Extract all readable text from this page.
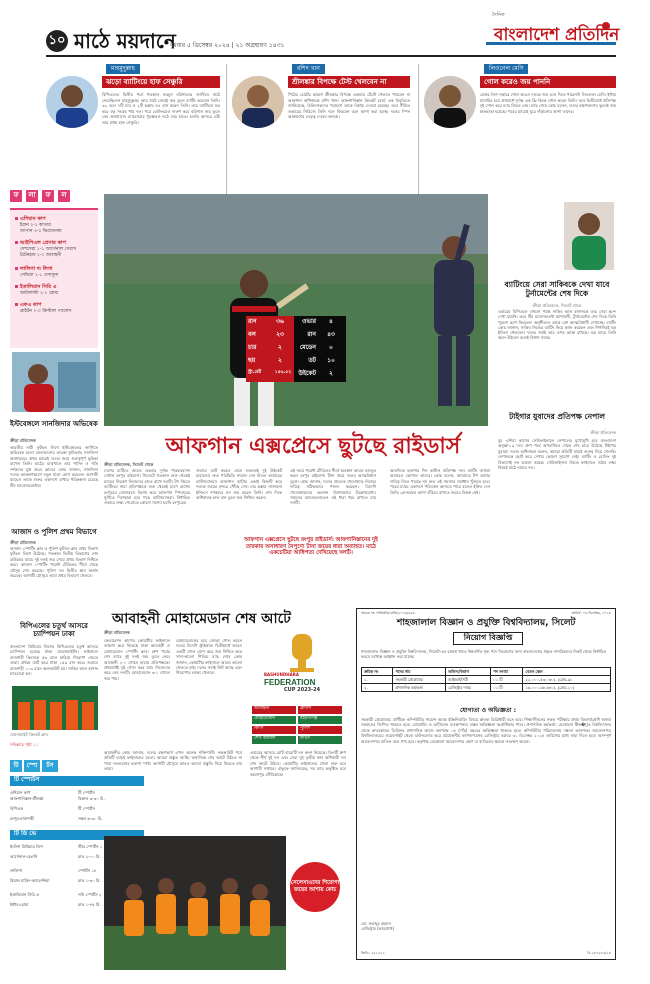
১০ মাঠে ময়দানে
বুধবার ৫ ডিসেম্বর ২০২৪ | ২১ অগ্রহায়ণ ১৪৩১
দৈনিক
বাংলাদেশ প্রতিদিন
মাহমুদুল্লাহ
ঝড়ো ব্যাটিংয়ে হাফ সেঞ্চুরি
বিপিএলের দ্বিতীয় পর্বে গতকাল ফরচুন বরিশালের জার্সিতে মাঠে নেমেছিলেন মাহমুদুল্লাহ। আর মাঠে নেমেই ঝড় তুলে ব্যাটিং করলেন তিনি। ৩২ বলে ৭টি চার ও ২টি ছক্কায় ৫৪ রান করেন তিনি। তার ব্যাটিংয়ে ভর করে বড় সংগ্রহ পায় দল। পরে বোলিংয়েও দারুণ করে বরিশাল জয় তুলে নেয় অনায়াসে। ম্যাচসেরার পুরস্কারও ওঠে তার হাতে। চলতি আসরে এটা তার প্রথম হাফ সেঞ্চুরি।
রশিদ খান
শ্রীলঙ্কার বিপক্ষে টেস্ট খেলবেন না
পিঠের চোটের কারণে শ্রীলঙ্কার বিপক্ষে একমাত্র টেস্টে খেলতে পারবেন না আফগান অধিনায়ক রশিদ খান। আফগানিস্তান ক্রিকেট বোর্ড এক বিবৃতিতে জানিয়েছে, চিকিৎসকদের পরামর্শে তাকে বিশ্রাম দেওয়া হয়েছে। তবে সীমিত ওভারের সিরিজে তিনি দলে ফিরবেন বলে আশা করা হচ্ছে। দলের স্পিন আক্রমণের নেতৃত্ব দেবেন অন্যরা।
লিওনেল মেসি
গোল করেও জয় পাননি
মেজর লিগ সকারে গোল করেও দলকে জয় এনে দিতে পারেননি লিওনেল মেসি। ইন্টার মায়ামির হয়ে প্রথমার্ধে দুর্দান্ত এক ফ্রি কিকে গোল করেন তিনি। তবে দ্বিতীয়ার্ধে প্রতিপক্ষ দুই গোল করে ম্যাচ জিতে নেয়। ম্যাচ শেষে কোচ বলেন, দলের রক্ষণভাগের ভুলেই জয় হাতছাড়া হয়েছে। পরের ম্যাচেই ঘুরে দাঁড়ানোর আশা তাদের।
ফ	লা	ফ	ল
এশিয়ান কাপ
ইরান ২-১ কাতার
জাপান ৩-০ ভিয়েতনাম
আইপিএল প্রেসার কাপ
দেশসেরা ১-১ আর্সেনাল সেরাস
টটেনহাম ২-২ আবাহনী
লালিগা দ্য লিগা
সেভিয়া ২-১ ওসাসুনা
ইতালিয়ান সিরি এ
আটালান্টা ২-১ রোমা
এফএ কাপ
ব্রাইটন ২-০ ক্রিস্টাল প্যালেস
ইস্টবেঙ্গলে সানজিদার অভিষেক
ক্রীড়া প্রতিবেদক
ভারতীয় নারী ফুটবল লিগে ইস্টবেঙ্গলের জার্সিতে অভিষেক হলো বাংলাদেশের তারকা ফুটবলার সানজিদা আক্তারের। প্রথম ম্যাচেই দলের জয়ে গুরুত্বপূর্ণ ভূমিকা রাখেন তিনি। মাঠের মাঝখানে তার পাসিং ও গতি দর্শকদের মুগ্ধ করে। ক্লাবের কোচ জানান, সানজিদা দলের আক্রমণভাগে নতুন মাত্রা যোগ করবেন। আগামী ম্যাচেও তাকে শুরুর একাদশে রাখার পরিকল্পনা রয়েছে টিম ম্যানেজমেন্টের।
আজাদ ও পুলিশ প্রথম বিভাগে
আজাদ স্পোর্টিং ক্লাব ও পুলিশ ফুটবল ক্লাব প্রথম বিভাগ ফুটবল লিগে উঠেছে। গতকাল দ্বিতীয় বিভাগের শেষ রাউন্ডের ম্যাচে দুই দলই জয় পেয়ে প্রথম বিভাগ নিশ্চিত করে। আজাদ স্পোর্টিং পয়েন্ট টেবিলের শীর্ষে থেকে মৌসুম শেষ করেছে। পুলিশ দল দ্বিতীয় স্থান অর্জন করেছে। আগামী মৌসুমে তারা প্রথম বিভাগে খেলবে।
ক্রীড়া প্রতিবেদক
বিপিএলের চতুর্থ আসরে চ্যাম্পিয়ন ঢাকা
বাংলাদেশ প্রিমিয়ার লিগের বিপিএলের চতুর্থ আসরে চ্যাম্পিয়ন হয়েছে ঢাকা ডায়নামাইটস। ফাইনালে রাজশাহী কিংসকে ৫৬ রানে হারিয়ে শিরোপা জেতে তারা। প্রথমে ব্যাট করে ঢাকা ১৫৯ রান করে। জবাবে রাজশাহী ১০৩ রানে অলআউট হয়। সাকিব আল হাসান ম্যাচসেরা হন।
ডায়নামাইট ক্রিকেট ক্লাব
সবিস্তারে পৃষ্ঠা ১১
টি	স্পো	র্টস
টি স্পোর্টস
এশিয়ান কাপ	টি স্পোর্টস
আফগানিস্তান-শ্রীলঙ্কা	বিকাল ৩-৩০ মি.
বিপিএল	টি স্পোর্টস
রংপুর-রাজশাহী	সন্ধ্যা ৬-৩০ মি.
টি ডি ভে
ইংলিশ প্রিমিয়ার লিগ	স্টার স্পোর্টস ১
আর্সেনাল-চেলসি	রাত ২-০০ মি.
লালিগা	স্পোর্টস ১৮
রিয়াল মাদ্রিদ-ভ্যালেন্সিয়া	রাত ১-৩০ মি.
ইতালিয়ান সিরি এ	সনি স্পোর্টস ২
ইন্টার-রোমা	রাত ১-৪৫ মি.
রান	৩৬	ওভার	৪
বল	২৩	রান	৪৩
চার	২	মেডেন	০
ছয়	২	ডট	১০
স্ট্রা.রেট	১৫৬.৫২	উইকেট	২
ব্যাটিংয়ে সেরা সাকিবকে দেখা যাবে টুর্নামেন্টের শেষ দিকে
ক্রীড়া প্রতিবেদক, সিলেট থেকে
এবারের বিপিএলে এখনো পর্যন্ত সাকিব আল হাসানকে তার সেরা ছন্দে দেখা যায়নি। তবে টিম ম্যানেজমেন্ট আশাবাদী, টুর্নামেন্টের শেষ দিকে তিনি পুরনো রূপে ফিরবেন। অনুশীলনে তাকে বেশ আত্মবিশ্বাসী দেখাচ্ছে। ব্যাটিং কোচ জানান, সাকিব নিজের ব্যাটিং নিয়ে কাজ করছেন এবং শিগগিরই বড় ইনিংস খেলবেন। দলের সবাই তার ওপর আস্থা রাখছে। বড় ম্যাচে তিনি জ্বলে উঠবেন বলেই বিশ্বাস সবার।
টাইগার যুবাদের প্রতিপক্ষ নেপাল
ক্রীড়া প্রতিবেদক
যুব এশিয়া কাপের সেমিফাইনালে নেপালের মুখোমুখি হবে বাংলাদেশ অনূর্ধ্ব-১৯ দল। গ্রুপ পর্বে অপরাজিত থেকে শেষ চারে উঠেছে টাইগার যুবারা। দলের অধিনায়ক বলেন, আমরা প্রতিটি ম্যাচই গুরুত্ব দিয়ে খেলছি। নেপালকে ছোট করে দেখার কোনো সুযোগ নেই। ব্যাটিং ও বোলিং দুই বিভাগেই দল ভালো করছে। সেমিফাইনাল জিতে ফাইনালে ওঠার লক্ষ্য নিয়েই মাঠে নামবে দল।
আফগান এক্সপ্রেসে ছুটছে রাইডার্স
ক্রীড়া প্রতিবেদক, সিলেট থেকে
দেশের মাটিতে আরও একবার দুর্দান্ত পারফরম্যান্স দেখাল রংপুর রাইডার্স। সিলেটে গতকাল শুরু থেকেই ম্যাচের নিয়ন্ত্রণ নিজেদের হাতে রাখে দলটি। টস জিতে ব্যাটিংয়ে নামা প্রতিপক্ষকে শুরু থেকেই চাপে রাখেন রংপুরের বোলাররা। বিশেষ করে আফগান স্পিনারের ঘূর্ণিতে দিশেহারা হয়ে পড়ে ব্যাটসম্যানরা। নির্ধারিত ওভারে লক্ষ্য পেরোতে কোনো সমস্যা হয়নি রংপুরের।
জবাবে ব্যাট করতে নেমে শুরুতেই দুই উইকেট হারালেও দ্রুত পরিস্থিতি সামাল দেন মিডল অর্ডারের ব্যাটসম্যানরা। আফগান ব্যাটার একাই ফিফটি করে দলকে জয়ের বন্দরে পৌঁছে দেন। চার ছক্কায় সাজানো ইনিংসে দর্শকদের মন জয় করেন তিনি। শেষ দিকে অধিনায়ক দ্রুত রান তুলে জয় নিশ্চিত করেন।
আফগান এক্সপ্রেসে ছুটছে রংপুর রাইডার্স। আফগানিস্তানের দুই তারকার অসাধারণ নৈপুণ্যে টানা জয়ের ধারা অব্যাহত। মাঠে একচেটিয়া আধিপত্য দেখিয়েছে দলটি।
এই জয়ে পয়েন্ট টেবিলের শীর্ষে অবস্থান আরও মজবুত করল রংপুর রাইডার্স। টানা জয়ে দলের আত্মবিশ্বাস তুঙ্গে। কোচ জানান, দলের প্রত্যেক খেলোয়াড় নিজের দায়িত্ব সঠিকভাবে পালন করছেন। বিদেশি খেলোয়াড়দের অবদান বিশেষভাবে উল্লেখযোগ্য। সামনের ম্যাচগুলোতেও এই ধারা ধরে রাখতে চায় দলটি।
অন্যদিকে হতাশার দিন কাটাল প্রতিপক্ষ দল। ব্যাটিং ব্যর্থতা আবারও ভোগাল তাদের। কোচ বলেন, আমাদের টপ অর্ডার দায়িত্ব নিতে পারছে না। দ্রুত এই সমস্যার সমাধান খুঁজতে হবে। পরের ম্যাচে একাদশে পরিবর্তন আসতে পারে বলেও ইঙ্গিত দেন তিনি। প্লে-অফের আশা বাঁচিয়ে রাখতে জয়ের বিকল্প নেই।
আবাহনী মোহামেডান শেষ আটে
ক্রীড়া প্রতিবেদক
ফেডারেশন কাপের কোয়ার্টার ফাইনালে জায়গা করে নিয়েছে ঢাকা আবাহনী ও মোহামেডান স্পোর্টিং ক্লাব। গ্রুপ পর্বের শেষ ম্যাচে দুই দলই জয় তুলে নেয়। আবাহনী ২-০ গোলে হারায় প্রতিপক্ষকে। প্রথমার্ধেই দুই গোল করে ম্যাচ নিজেদের করে নেয় দলটি। মোহামেডান ৩-১ গোলে জয় পায়।
মোহামেডানের হয়ে জোড়া গোল করেন দলের বিদেশি স্ট্রাইকার। দ্বিতীয়ার্ধে আরও একটি গোল যোগ করে জয় নিশ্চিত করে সাদা-কালো শিবির। ম্যাচ শেষে কোচ জানান, কোয়ার্টার ফাইনালে আরও ভালো খেলতে চাই। দলের সবাই ফিট আছে এবং শিরোপার লক্ষ্যে খেলবে।	BASHUNDHARA
FEDERATION
CUP 2023-24
আবাহনী	ব্রাদার্স
মোহামেডান	রহমতগঞ্জ
কিংস	পুলিশ
শেখ জামাল	ফর্টিস
এবারের আসরে মোট বারোটি দল অংশ নিয়েছে। তিনটি গ্রুপ থেকে শীর্ষ দুই দল এবং সেরা দুই তৃতীয় স্থান অধিকারী দল শেষ আটে উঠবে। কোয়ার্টার ফাইনালের খেলা শুরু হবে আগামী সপ্তাহে। বাফুফে জানিয়েছে, সব ম্যাচ অনুষ্ঠিত হবে কমলাপুর স্টেডিয়ামে।
আবাহনীর কোচ জানান, দলের রক্ষণভাগ এখন অনেক শক্তিশালী। নকআউট পর্বে প্রতিটি ম্যাচই ফাইনালের মতো। আমরা প্রস্তুত আছি। অন্যদিকে শেষ আটে উঠতে না পারা দলগুলোর হতাশা স্পষ্ট। আগামী মৌসুমে আরও ভালো প্রস্তুতি নিয়ে ফিরতে চায় তারা।
সেলেসাওদের শিরোপা জয়ের আশায় কোচ
স্মারক নং- শাবিপ্রবি/রেজি/২০২৪/৬৮৮	তারিখ: ০৪ ডিসেম্বর, ২০২৪
শাহজালাল বিজ্ঞান ও প্রযুক্তি বিশ্ববিদ্যালয়, সিলেট
নিয়োগ বিজ্ঞপ্তি
শাহজালাল বিজ্ঞান ও প্রযুক্তি বিশ্ববিদ্যালয়, সিলেট-এর রাজস্ব খাতে নিম্নবর্ণিত শূন্য পদে নিয়োগের জন্য বাংলাদেশের প্রকৃত নাগরিকদের নিকট থেকে নির্ধারিত ফরমে দরখাস্ত আহ্বান করা যাচ্ছে।
ক্রমিক নং	পদের নাম	অফিস/বিভাগ	পদ সংখ্যা	বেতন স্কেল
১.	সহকারী প্রোগ্রামার	আইআইসিটি	০১ টি	২২,০০০-৫৩,০৬০/- (গ্রেড-৯)
২.	প্রশাসনিক কর্মকর্তা	রেজিস্ট্রার দপ্তর	০১ টি	১৬,০০০-৩৮,৬৪০/- (গ্রেড-১০)
যোগ্যতা ও অভিজ্ঞতা :
সহকারী প্রোগ্রামার: প্রার্থীকে কম্পিউটার সায়েন্স অ্যান্ড ইঞ্জিনিয়ারিং বিষয়ে স্নাতক ডিগ্রিধারী হতে হবে। শিক্ষাজীবনের সকল পরীক্ষায় প্রথম বিভাগ/শ্রেণি অথবা সমমানের জিপিএ থাকতে হবে। প্রোগ্রামিং ও ডাটাবেজ ব্যবস্থাপনায় বাস্তব অভিজ্ঞতা অগ্রাধিকার পাবে। প্রশাসনিক কর্মকর্তা: যেকোনো স্বীক�ৃত বিশ্ববিদ্যালয় থেকে স্নাতকোত্তর ডিগ্রিসহ প্রশাসনিক কাজে কমপক্ষে ০৫ (পাঁচ) বছরের অভিজ্ঞতা থাকতে হবে। কম্পিউটার পরিচালনায় দক্ষতা আবশ্যক। আবেদনপত্র বিশ্ববিদ্যালয়ের ওয়েবসাইট থেকে ডাউনলোড করে প্রয়োজনীয় কাগজপত্রসহ রেজিস্ট্রার বরাবর ৩১ ডিসেম্বর ২০২৪ তারিখের মধ্যে জমা দিতে হবে। অসম্পূর্ণ আবেদনপত্র বাতিল বলে গণ্য হবে। কর্তৃপক্ষ যেকোনো আবেদনপত্র গ্রহণ বা বাতিলের ক্ষমতা সংরক্ষণ করেন।
মো. ফয়জুর রহমান
রেজিস্ট্রার (ভারপ্রাপ্ত)
জিডি- ২৫১৫২২	বি-২৮৭৬৭৫/২৪
